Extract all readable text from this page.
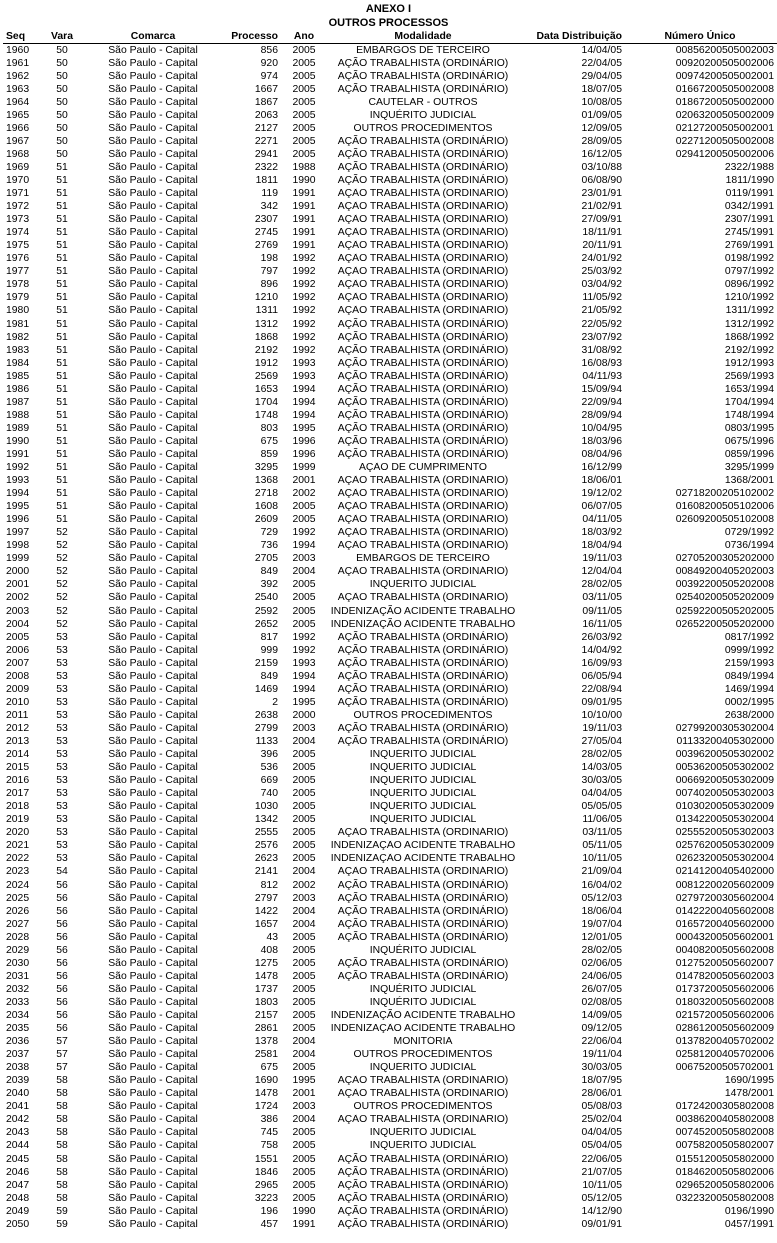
ANEXO I
OUTROS PROCESSOS
Seq	Vara	Comarca	Processo	Ano	Modalidade	Data Distribuição	Número Único
1960	50	São Paulo - Capital	856	2005	EMBARGOS DE TERCEIRO	14/04/05	00856200505002003
1961	50	São Paulo - Capital	920	2005	AÇÃO TRABALHISTA (ORDINÁRIO)	22/04/05	00920200505002006
1962	50	São Paulo - Capital	974	2005	AÇÃO TRABALHISTA (ORDINÁRIO)	29/04/05	00974200505002001
1963	50	São Paulo - Capital	1667	2005	AÇÃO TRABALHISTA (ORDINÁRIO)	18/07/05	01667200505002008
1964	50	São Paulo - Capital	1867	2005	CAUTELAR - OUTROS	10/08/05	01867200505002000
1965	50	São Paulo - Capital	2063	2005	INQUÉRITO JUDICIAL	01/09/05	02063200505002009
1966	50	São Paulo - Capital	2127	2005	OUTROS PROCEDIMENTOS	12/09/05	02127200505002001
1967	50	São Paulo - Capital	2271	2005	AÇÃO TRABALHISTA (ORDINÁRIO)	28/09/05	02271200505002008
1968	50	São Paulo - Capital	2941	2005	AÇÃO TRABALHISTA (ORDINÁRIO)	16/12/05	02941200505002006
1969	51	São Paulo - Capital	2322	1988	AÇÃO TRABALHISTA (ORDINÁRIO)	03/10/88	2322/1988
1970	51	São Paulo - Capital	1811	1990	AÇÃO TRABALHISTA (ORDINÁRIO)	06/08/90	1811/1990
1971	51	São Paulo - Capital	119	1991	AÇÃO TRABALHISTA (ORDINÁRIO)	23/01/91	0119/1991
1972	51	São Paulo - Capital	342	1991	AÇÃO TRABALHISTA (ORDINÁRIO)	21/02/91	0342/1991
1973	51	São Paulo - Capital	2307	1991	AÇÃO TRABALHISTA (ORDINÁRIO)	27/09/91	2307/1991
1974	51	São Paulo - Capital	2745	1991	AÇÃO TRABALHISTA (ORDINÁRIO)	18/11/91	2745/1991
1975	51	São Paulo - Capital	2769	1991	AÇÃO TRABALHISTA (ORDINÁRIO)	20/11/91	2769/1991
1976	51	São Paulo - Capital	198	1992	AÇÃO TRABALHISTA (ORDINÁRIO)	24/01/92	0198/1992
1977	51	São Paulo - Capital	797	1992	AÇÃO TRABALHISTA (ORDINÁRIO)	25/03/92	0797/1992
1978	51	São Paulo - Capital	896	1992	AÇÃO TRABALHISTA (ORDINÁRIO)	03/04/92	0896/1992
1979	51	São Paulo - Capital	1210	1992	AÇÃO TRABALHISTA (ORDINÁRIO)	11/05/92	1210/1992
1980	51	São Paulo - Capital	1311	1992	AÇÃO TRABALHISTA (ORDINÁRIO)	21/05/92	1311/1992
1981	51	São Paulo - Capital	1312	1992	AÇÃO TRABALHISTA (ORDINÁRIO)	22/05/92	1312/1992
1982	51	São Paulo - Capital	1868	1992	AÇÃO TRABALHISTA (ORDINÁRIO)	23/07/92	1868/1992
1983	51	São Paulo - Capital	2192	1992	AÇÃO TRABALHISTA (ORDINÁRIO)	31/08/92	2192/1992
1984	51	São Paulo - Capital	1912	1993	AÇÃO TRABALHISTA (ORDINÁRIO)	16/08/93	1912/1993
1985	51	São Paulo - Capital	2569	1993	AÇÃO TRABALHISTA (ORDINÁRIO)	04/11/93	2569/1993
1986	51	São Paulo - Capital	1653	1994	AÇÃO TRABALHISTA (ORDINÁRIO)	15/09/94	1653/1994
1987	51	São Paulo - Capital	1704	1994	AÇÃO TRABALHISTA (ORDINÁRIO)	22/09/94	1704/1994
1988	51	São Paulo - Capital	1748	1994	AÇÃO TRABALHISTA (ORDINÁRIO)	28/09/94	1748/1994
1989	51	São Paulo - Capital	803	1995	AÇÃO TRABALHISTA (ORDINÁRIO)	10/04/95	0803/1995
1990	51	São Paulo - Capital	675	1996	AÇÃO TRABALHISTA (ORDINÁRIO)	18/03/96	0675/1996
1991	51	São Paulo - Capital	859	1996	AÇÃO TRABALHISTA (ORDINÁRIO)	08/04/96	0859/1996
1992	51	São Paulo - Capital	3295	1999	AÇÃO DE CUMPRIMENTO	16/12/99	3295/1999
1993	51	São Paulo - Capital	1368	2001	AÇÃO TRABALHISTA (ORDINÁRIO)	18/06/01	1368/2001
1994	51	São Paulo - Capital	2718	2002	AÇÃO TRABALHISTA (ORDINÁRIO)	19/12/02	02718200205102002
1995	51	São Paulo - Capital	1608	2005	AÇÃO TRABALHISTA (ORDINÁRIO)	06/07/05	01608200505102006
1996	51	São Paulo - Capital	2609	2005	AÇÃO TRABALHISTA (ORDINÁRIO)	04/11/05	02609200505102008
1997	52	São Paulo - Capital	729	1992	AÇÃO TRABALHISTA (ORDINÁRIO)	18/03/92	0729/1992
1998	52	São Paulo - Capital	736	1994	AÇÃO TRABALHISTA (ORDINÁRIO)	18/04/94	0736/1994
1999	52	São Paulo - Capital	2705	2003	EMBARGOS DE TERCEIRO	19/11/03	02705200305202000
2000	52	São Paulo - Capital	849	2004	AÇÃO TRABALHISTA (ORDINÁRIO)	12/04/04	00849200405202003
2001	52	São Paulo - Capital	392	2005	INQUÉRITO JUDICIAL	28/02/05	00392200505202008
2002	52	São Paulo - Capital	2540	2005	AÇÃO TRABALHISTA (ORDINÁRIO)	03/11/05	02540200505202009
2003	52	São Paulo - Capital	2592	2005	INDENIZAÇÃO ACIDENTE TRABALHO	09/11/05	02592200505202005
2004	52	São Paulo - Capital	2652	2005	INDENIZAÇÃO ACIDENTE TRABALHO	16/11/05	02652200505202000
2005	53	São Paulo - Capital	817	1992	AÇÃO TRABALHISTA (ORDINÁRIO)	26/03/92	0817/1992
2006	53	São Paulo - Capital	999	1992	AÇÃO TRABALHISTA (ORDINÁRIO)	14/04/92	0999/1992
2007	53	São Paulo - Capital	2159	1993	AÇÃO TRABALHISTA (ORDINÁRIO)	16/09/93	2159/1993
2008	53	São Paulo - Capital	849	1994	AÇÃO TRABALHISTA (ORDINÁRIO)	06/05/94	0849/1994
2009	53	São Paulo - Capital	1469	1994	AÇÃO TRABALHISTA (ORDINÁRIO)	22/08/94	1469/1994
2010	53	São Paulo - Capital	2	1995	AÇÃO TRABALHISTA (ORDINÁRIO)	09/01/95	0002/1995
2011	53	São Paulo - Capital	2638	2000	OUTROS PROCEDIMENTOS	10/10/00	2638/2000
2012	53	São Paulo - Capital	2799	2003	AÇÃO TRABALHISTA (ORDINÁRIO)	19/11/03	02799200305302004
2013	53	São Paulo - Capital	1133	2004	AÇÃO TRABALHISTA (ORDINÁRIO)	27/05/04	01133200405302000
2014	53	São Paulo - Capital	396	2005	INQUÉRITO JUDICIAL	28/02/05	00396200505302002
2015	53	São Paulo - Capital	536	2005	INQUÉRITO JUDICIAL	14/03/05	00536200505302002
2016	53	São Paulo - Capital	669	2005	INQUÉRITO JUDICIAL	30/03/05	00669200505302009
2017	53	São Paulo - Capital	740	2005	INQUÉRITO JUDICIAL	04/04/05	00740200505302003
2018	53	São Paulo - Capital	1030	2005	INQUÉRITO JUDICIAL	05/05/05	01030200505302009
2019	53	São Paulo - Capital	1342	2005	INQUÉRITO JUDICIAL	11/06/05	01342200505302004
2020	53	São Paulo - Capital	2555	2005	AÇÃO TRABALHISTA (ORDINÁRIO)	03/11/05	02555200505302003
2021	53	São Paulo - Capital	2576	2005	INDENIZAÇÃO ACIDENTE TRABALHO	05/11/05	02576200505302009
2022	53	São Paulo - Capital	2623	2005	INDENIZAÇÃO ACIDENTE TRABALHO	10/11/05	02623200505302004
2023	54	São Paulo - Capital	2141	2004	AÇÃO TRABALHISTA (ORDINÁRIO)	21/09/04	02141200405402000
2024	56	São Paulo - Capital	812	2002	AÇÃO TRABALHISTA (ORDINÁRIO)	16/04/02	00812200205602009
2025	56	São Paulo - Capital	2797	2003	AÇÃO TRABALHISTA (ORDINÁRIO)	05/12/03	02797200305602004
2026	56	São Paulo - Capital	1422	2004	AÇÃO TRABALHISTA (ORDINÁRIO)	18/06/04	01422200405602008
2027	56	São Paulo - Capital	1657	2004	AÇÃO TRABALHISTA (ORDINÁRIO)	19/07/04	01657200405602000
2028	56	São Paulo - Capital	43	2005	AÇÃO TRABALHISTA (ORDINÁRIO)	12/01/05	00043200505602001
2029	56	São Paulo - Capital	408	2005	INQUÉRITO JUDICIAL	28/02/05	00408200505602008
2030	56	São Paulo - Capital	1275	2005	AÇÃO TRABALHISTA (ORDINÁRIO)	02/06/05	01275200505602007
2031	56	São Paulo - Capital	1478	2005	AÇÃO TRABALHISTA (ORDINÁRIO)	24/06/05	01478200505602003
2032	56	São Paulo - Capital	1737	2005	INQUÉRITO JUDICIAL	26/07/05	01737200505602006
2033	56	São Paulo - Capital	1803	2005	INQUÉRITO JUDICIAL	02/08/05	01803200505602008
2034	56	São Paulo - Capital	2157	2005	INDENIZAÇÃO ACIDENTE TRABALHO	14/09/05	02157200505602006
2035	56	São Paulo - Capital	2861	2005	INDENIZAÇÃO ACIDENTE TRABALHO	09/12/05	02861200505602009
2036	57	São Paulo - Capital	1378	2004	MONITÓRIA	22/06/04	01378200405702002
2037	57	São Paulo - Capital	2581	2004	OUTROS PROCEDIMENTOS	19/11/04	02581200405702006
2038	57	São Paulo - Capital	675	2005	INQUÉRITO JUDICIAL	30/03/05	00675200505702001
2039	58	São Paulo - Capital	1690	1995	AÇÃO TRABALHISTA (ORDINÁRIO)	18/07/95	1690/1995
2040	58	São Paulo - Capital	1478	2001	AÇÃO TRABALHISTA (ORDINÁRIO)	28/06/01	1478/2001
2041	58	São Paulo - Capital	1724	2003	OUTROS PROCEDIMENTOS	05/08/03	01724200305802008
2042	58	São Paulo - Capital	386	2004	AÇÃO TRABALHISTA (ORDINÁRIO)	25/02/04	00386200405802008
2043	58	São Paulo - Capital	745	2005	INQUÉRITO JUDICIAL	04/04/05	00745200505802008
2044	58	São Paulo - Capital	758	2005	INQUÉRITO JUDICIAL	05/04/05	00758200505802007
2045	58	São Paulo - Capital	1551	2005	AÇÃO TRABALHISTA (ORDINÁRIO)	22/06/05	01551200505802000
2046	58	São Paulo - Capital	1846	2005	AÇÃO TRABALHISTA (ORDINÁRIO)	21/07/05	01846200505802006
2047	58	São Paulo - Capital	2965	2005	AÇÃO TRABALHISTA (ORDINÁRIO)	10/11/05	02965200505802006
2048	58	São Paulo - Capital	3223	2005	AÇÃO TRABALHISTA (ORDINÁRIO)	05/12/05	03223200505802008
2049	59	São Paulo - Capital	196	1990	AÇÃO TRABALHISTA (ORDINÁRIO)	14/12/90	0196/1990
2050	59	São Paulo - Capital	457	1991	AÇÃO TRABALHISTA (ORDINÁRIO)	09/01/91	0457/1991
